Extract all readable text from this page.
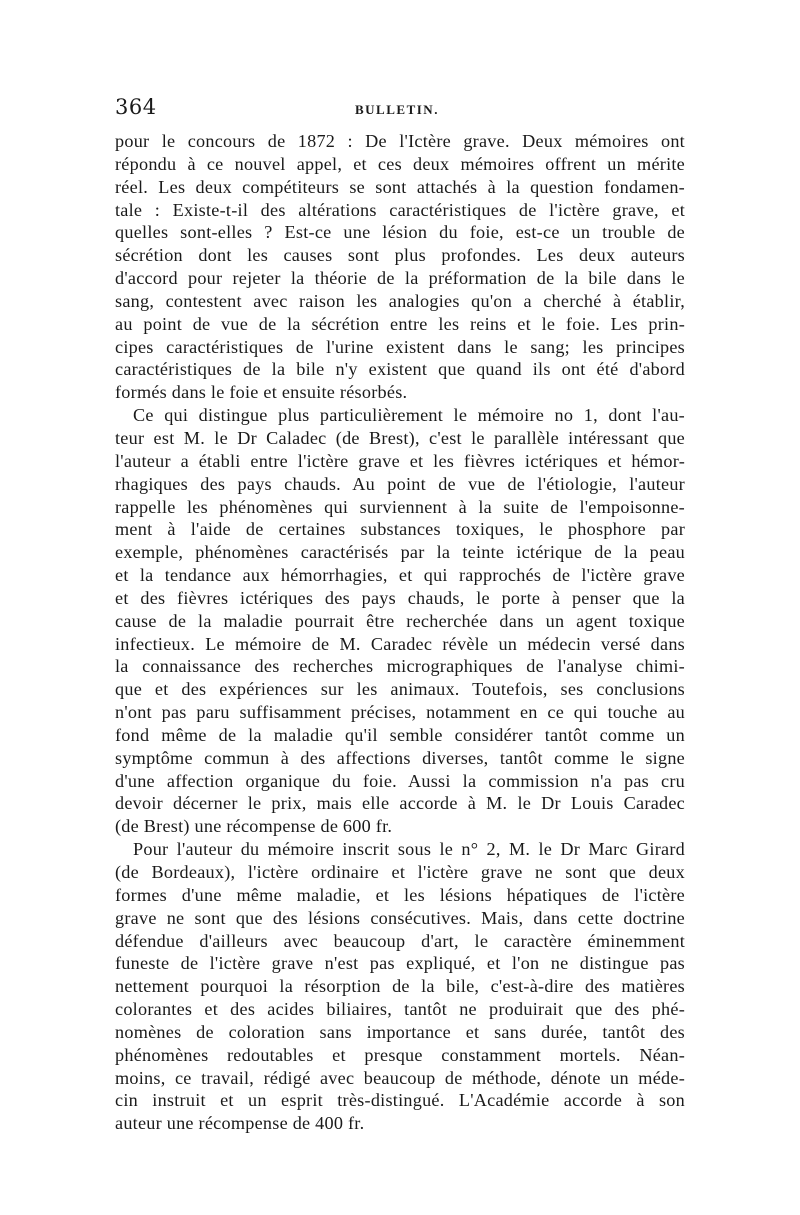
364	BULLETIN.
pour le concours de 1872 : De l'Ictère grave. Deux mémoires ont
répondu à ce nouvel appel, et ces deux mémoires offrent un mérite
réel. Les deux compétiteurs se sont attachés à la question fondamen-
tale : Existe-t-il des altérations caractéristiques de l'ictère grave, et
quelles sont-elles ? Est-ce une lésion du foie, est-ce un trouble de
sécrétion dont les causes sont plus profondes. Les deux auteurs
d'accord pour rejeter la théorie de la préformation de la bile dans le
sang, contestent avec raison les analogies qu'on a cherché à établir,
au point de vue de la sécrétion entre les reins et le foie. Les prin-
cipes caractéristiques de l'urine existent dans le sang; les principes
caractéristiques de la bile n'y existent que quand ils ont été d'abord
formés dans le foie et ensuite résorbés.
Ce qui distingue plus particulièrement le mémoire no 1, dont l'au-
teur est M. le Dr Caladec (de Brest), c'est le parallèle intéressant que
l'auteur a établi entre l'ictère grave et les fièvres ictériques et hémor-
rhagiques des pays chauds. Au point de vue de l'étiologie, l'auteur
rappelle les phénomènes qui surviennent à la suite de l'empoisonne-
ment à l'aide de certaines substances toxiques, le phosphore par
exemple, phénomènes caractérisés par la teinte ictérique de la peau
et la tendance aux hémorrhagies, et qui rapprochés de l'ictère grave
et des fièvres ictériques des pays chauds, le porte à penser que la
cause de la maladie pourrait être recherchée dans un agent toxique
infectieux. Le mémoire de M. Caradec révèle un médecin versé dans
la connaissance des recherches micrographiques de l'analyse chimi-
que et des expériences sur les animaux. Toutefois, ses conclusions
n'ont pas paru suffisamment précises, notamment en ce qui touche au
fond même de la maladie qu'il semble considérer tantôt comme un
symptôme commun à des affections diverses, tantôt comme le signe
d'une affection organique du foie. Aussi la commission n'a pas cru
devoir décerner le prix, mais elle accorde à M. le Dr Louis Caradec
(de Brest) une récompense de 600 fr.
Pour l'auteur du mémoire inscrit sous le n° 2, M. le Dr Marc Girard
(de Bordeaux), l'ictère ordinaire et l'ictère grave ne sont que deux
formes d'une même maladie, et les lésions hépatiques de l'ictère
grave ne sont que des lésions consécutives. Mais, dans cette doctrine
défendue d'ailleurs avec beaucoup d'art, le caractère éminemment
funeste de l'ictère grave n'est pas expliqué, et l'on ne distingue pas
nettement pourquoi la résorption de la bile, c'est-à-dire des matières
colorantes et des acides biliaires, tantôt ne produirait que des phé-
nomènes de coloration sans importance et sans durée, tantôt des
phénomènes redoutables et presque constamment mortels. Néan-
moins, ce travail, rédigé avec beaucoup de méthode, dénote un méde-
cin instruit et un esprit très-distingué. L'Académie accorde à son
auteur une récompense de 400 fr.
